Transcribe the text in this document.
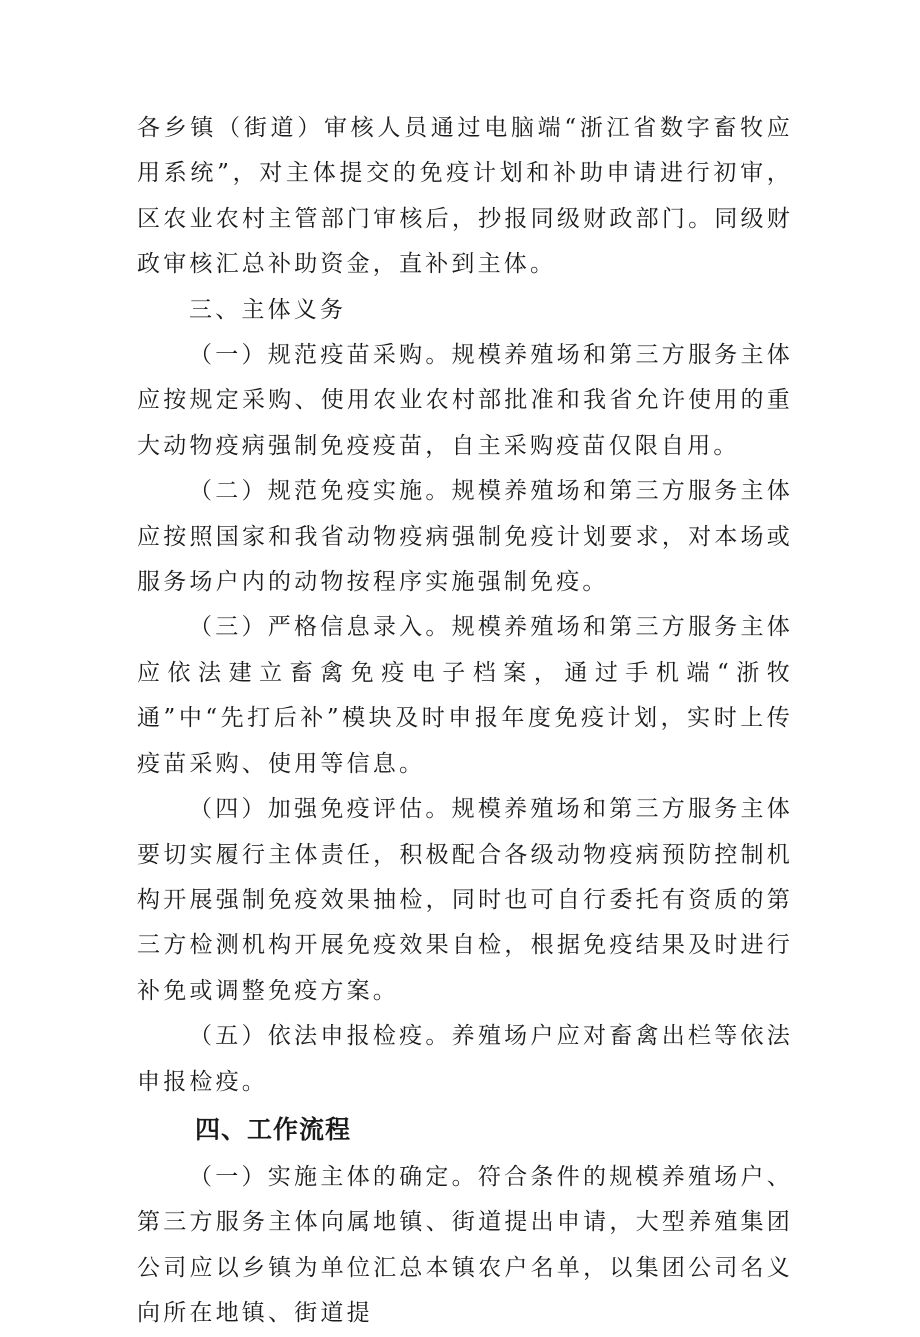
各乡镇（街道）审核人员通过电脑端“浙江省数字畜牧应用系统”，对主体提交的免疫计划和补助申请进行初审，区农业农村主管部门审核后，抄报同级财政部门。同级财政审核汇总补助资金，直补到主体。

三、主体义务

（一）规范疫苗采购。规模养殖场和第三方服务主体应按规定采购、使用农业农村部批准和我省允许使用的重大动物疫病强制免疫疫苗，自主采购疫苗仅限自用。

（二）规范免疫实施。规模养殖场和第三方服务主体应按照国家和我省动物疫病强制免疫计划要求，对本场或服务场户内的动物按程序实施强制免疫。

（三）严格信息录入。规模养殖场和第三方服务主体应依法建立畜禽免疫电子档案，通过手机端“浙牧通”中“先打后补”模块及时申报年度免疫计划，实时上传疫苗采购、使用等信息。

（四）加强免疫评估。规模养殖场和第三方服务主体要切实履行主体责任，积极配合各级动物疫病预防控制机构开展强制免疫效果抽检，同时也可自行委托有资质的第三方检测机构开展免疫效果自检，根据免疫结果及时进行补免或调整免疫方案。

（五）依法申报检疫。养殖场户应对畜禽出栏等依法申报检疫。

四、工作流程

（一）实施主体的确定。符合条件的规模养殖场户、第三方服务主体向属地镇、街道提出申请，大型养殖集团公司应以乡镇为单位汇总本镇农户名单，以集团公司名义向所在地镇、街道提
